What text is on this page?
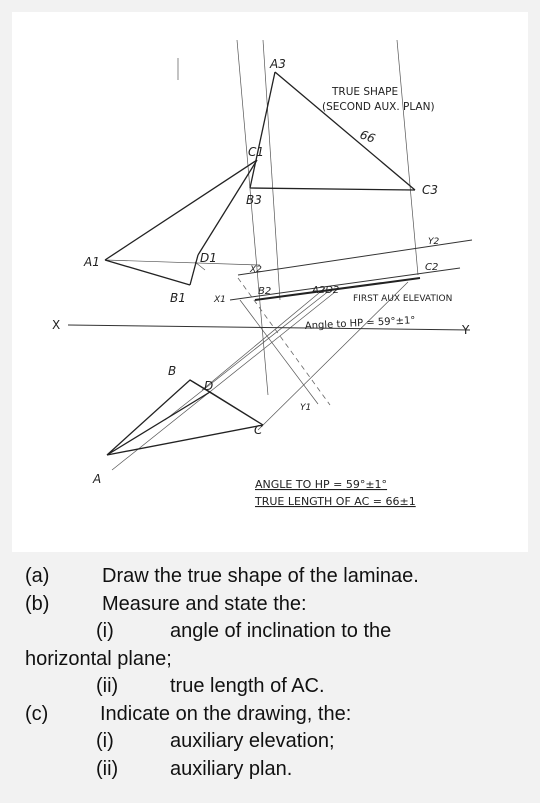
A3
C3
B3
C1
A1
B1
D1
A2D2
B2
C2
A
B
C
D
X	Y
X1
Y1
X2
Y2
TRUE SHAPE
(SECOND AUX. PLAN)
66
FIRST AUX ELEVATION
Angle to HP = 59°±1°
ANGLE TO HP = 59°±1°
TRUE LENGTH OF AC = 66±1
(a)	Draw the true shape of the laminae.
(b)	Measure and state the:
(i)	angle of inclination to the
horizontal plane;
(ii)	true length of AC.
(c)	Indicate on the drawing, the:
(i)	auxiliary elevation;
(ii)	auxiliary plan.
